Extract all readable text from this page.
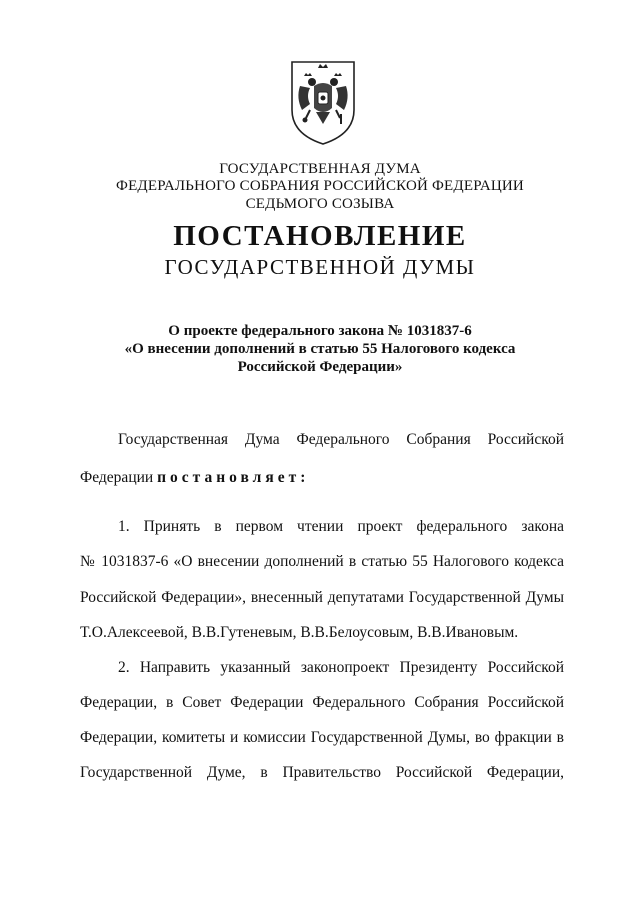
ГОСУДАРСТВЕННАЯ ДУМА
ФЕДЕРАЛЬНОГО СОБРАНИЯ РОССИЙСКОЙ ФЕДЕРАЦИИ
СЕДЬМОГО СОЗЫВА
ПОСТАНОВЛЕНИЕ
ГОСУДАРСТВЕННОЙ ДУМЫ
О проекте федерального закона № 1031837-6
«О внесении дополнений в статью 55 Налогового кодекса
Российской Федерации»
Государственная Дума Федерального Собрания Российской
Федерации постановляет:
1. Принять в первом чтении проект федерального закона
№ 1031837-6 «О внесении дополнений в статью 55 Налогового кодекса
Российской Федерации», внесенный депутатами Государственной Думы
Т.О.Алексеевой, В.В.Гутеневым, В.В.Белоусовым, В.В.Ивановым.
2. Направить указанный законопроект Президенту Российской
Федерации, в Совет Федерации Федерального Собрания Российской
Федерации, комитеты и комиссии Государственной Думы, во фракции в
Государственной Думе, в Правительство Российской Федерации,
